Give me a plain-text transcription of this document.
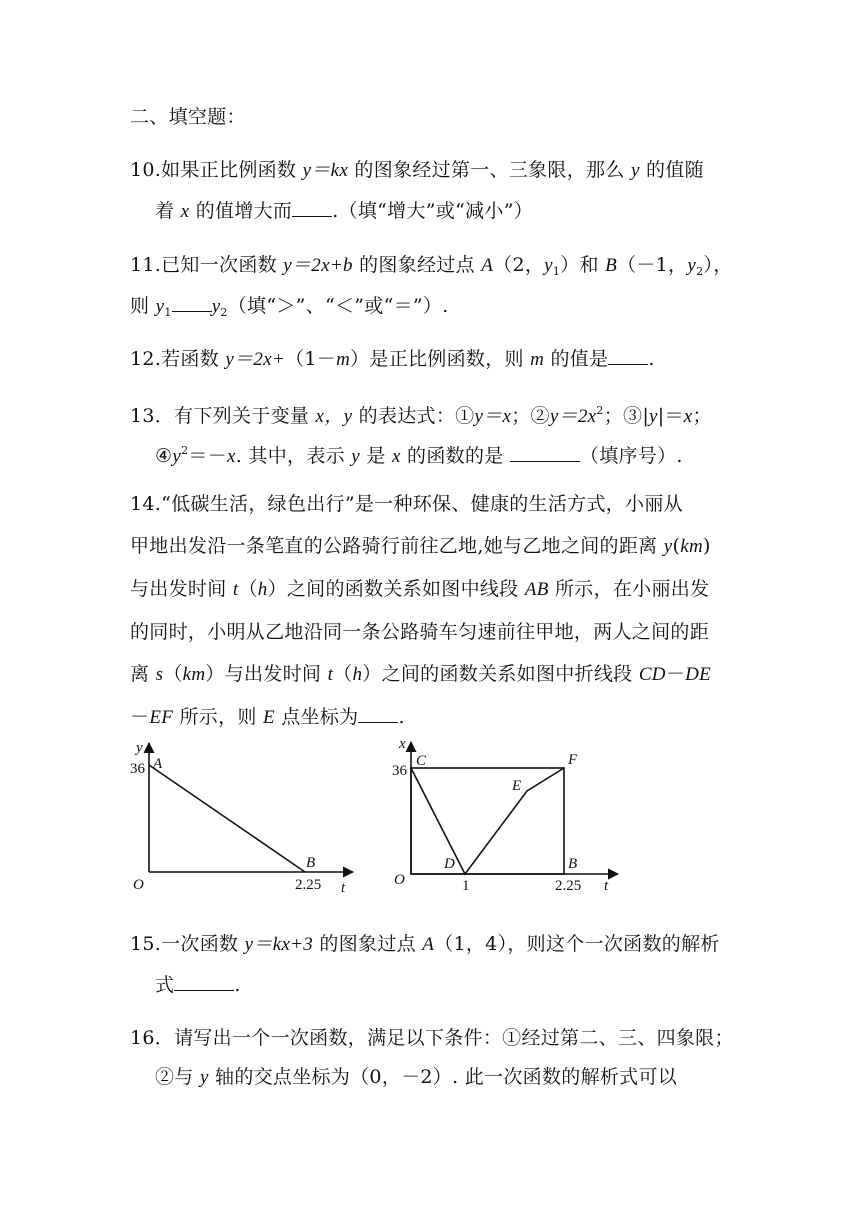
二、填空题：
10.如果正比例函数 y＝kx 的图象经过第一、三象限，那么 y 的值随
着 x 的值增大而 .（填“增大”或“减小”）
11.已知一次函数 y＝2x+b 的图象经过点 A（2，$y_1$）和 B（－1，$y_2$），
则 $y_1$ $y_2$（填“＞”、“＜”或“＝”）.
12.若函数 y＝2x+（1－m）是正比例函数，则 m 的值是 .
13．有下列关于变量 x，y 的表达式：①y＝x；$②y=2x^2$；③|y|＝x；
$④y^2=-x$. 其中，表示 y 是 x 的函数的是	（填序号）.
14.“低碳生活，绿色出行”是一种环保、健康的生活方式，小丽从
甲地出发沿一条笔直的公路骑行前往乙地,她与乙地之间的距离 y(km)
与出发时间 t（h）之间的函数关系如图中线段 AB 所示，在小丽出发
的同时，小明从乙地沿同一条公路骑车匀速前往甲地，两人之间的距
离 s（km）与出发时间 t（h）之间的函数关系如图中折线段 CD－DE
－EF 所示，则 E 点坐标为 .
y
36 A
B
O	2.25 t
x
36
C	F
E
D	B
O	1	2.25 t
15.一次函数 y＝kx+3 的图象过点 A（1，4），则这个一次函数的解析
式	.
16．请写出一个一次函数，满足以下条件：①经过第二、三、四象限；
②与 y 轴的交点坐标为（0，－2）. 此一次函数的解析式可以
